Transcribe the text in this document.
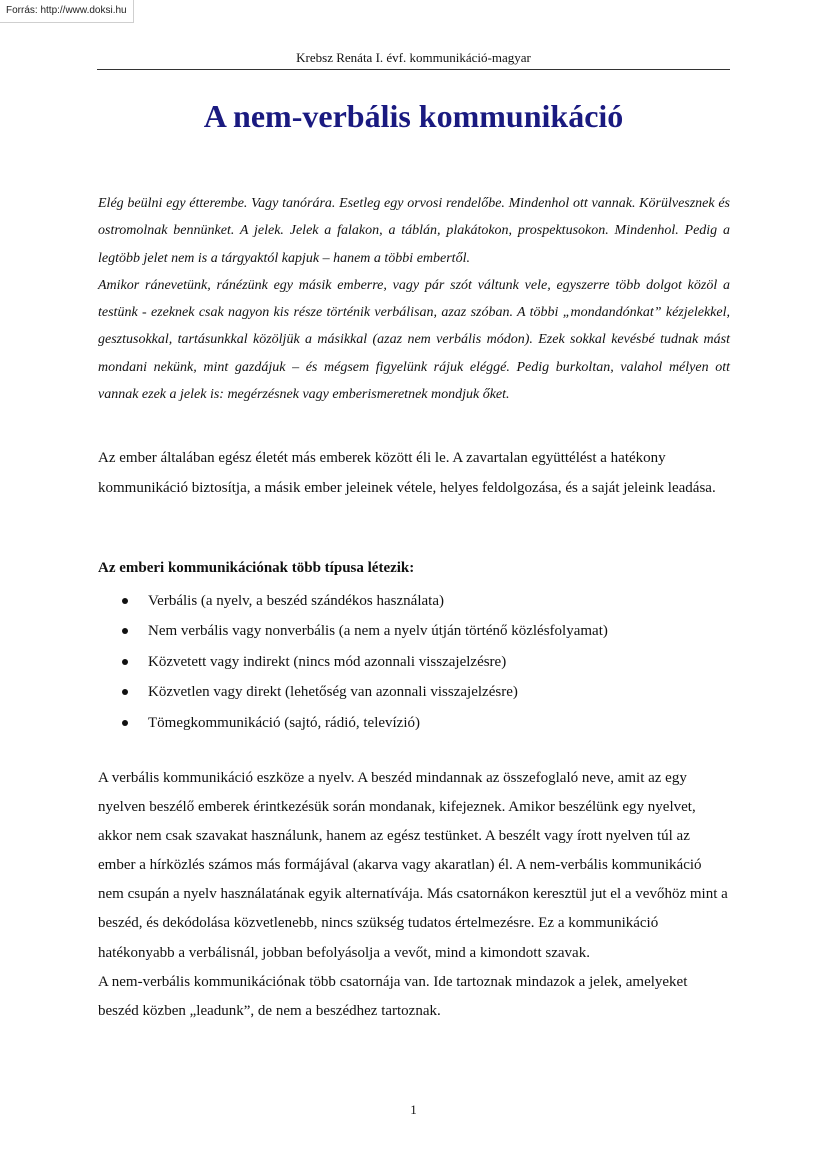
Forrás: http://www.doksi.hu
Krebsz Renáta I. évf. kommunikáció-magyar
A nem-verbális kommunikáció

Elég beülni egy étterembe. Vagy tanórára. Esetleg egy orvosi rendelőbe. Mindenhol ott vannak. Körülvesznek és ostromolnak bennünket. A jelek. Jelek a falakon, a táblán, plakátokon, prospektusokon. Mindenhol. Pedig a legtöbb jelet nem is a tárgyaktól kapjuk – hanem a többi embertől.

Amikor ránevetünk, ránézünk egy másik emberre, vagy pár szót váltunk vele, egyszerre több dolgot közöl a testünk - ezeknek csak nagyon kis része történik verbálisan, azaz szóban. A többi „mondandónkat” kézjelekkel, gesztusokkal, tartásunkkal közöljük a másikkal (azaz nem verbális módon). Ezek sokkal kevésbé tudnak mást mondani nekünk, mint gazdájuk – és mégsem figyelünk rájuk eléggé. Pedig burkoltan, valahol mélyen ott vannak ezek a jelek is: megérzésnek vagy emberismeretnek mondjuk őket.

Az ember általában egész életét más emberek között éli le. A zavartalan együttélést a hatékony kommunikáció biztosítja, a másik ember jeleinek vétele, helyes feldolgozása, és a saját jeleink leadása.

Az emberi kommunikációnak több típusa létezik:

Verbális (a nyelv, a beszéd szándékos használata)
Nem verbális vagy nonverbális (a nem a nyelv útján történő közlésfolyamat)
Közvetett vagy indirekt (nincs mód azonnali visszajelzésre)
Közvetlen vagy direkt (lehetőség van azonnali visszajelzésre)
Tömegkommunikáció (sajtó, rádió, televízió)

A verbális kommunikáció eszköze a nyelv. A beszéd mindannak az összefoglaló neve, amit az egy nyelven beszélő emberek érintkezésük során mondanak, kifejeznek. Amikor beszélünk egy nyelvet, akkor nem csak szavakat használunk, hanem az egész testünket. A beszélt vagy írott nyelven túl az ember a hírközlés számos más formájával (akarva vagy akaratlan) él. A nem-verbális kommunikáció nem csupán a nyelv használatának egyik alternatívája. Más csatornákon keresztül jut el a vevőhöz mint a beszéd, és dekódolása közvetlenebb, nincs szükség tudatos értelmezésre. Ez a kommunikáció hatékonyabb a verbálisnál, jobban befolyásolja a vevőt, mind a kimondott szavak.

A nem-verbális kommunikációnak több csatornája van. Ide tartoznak mindazok a jelek, amelyeket beszéd közben „leadunk”, de nem a beszédhez tartoznak.

1
